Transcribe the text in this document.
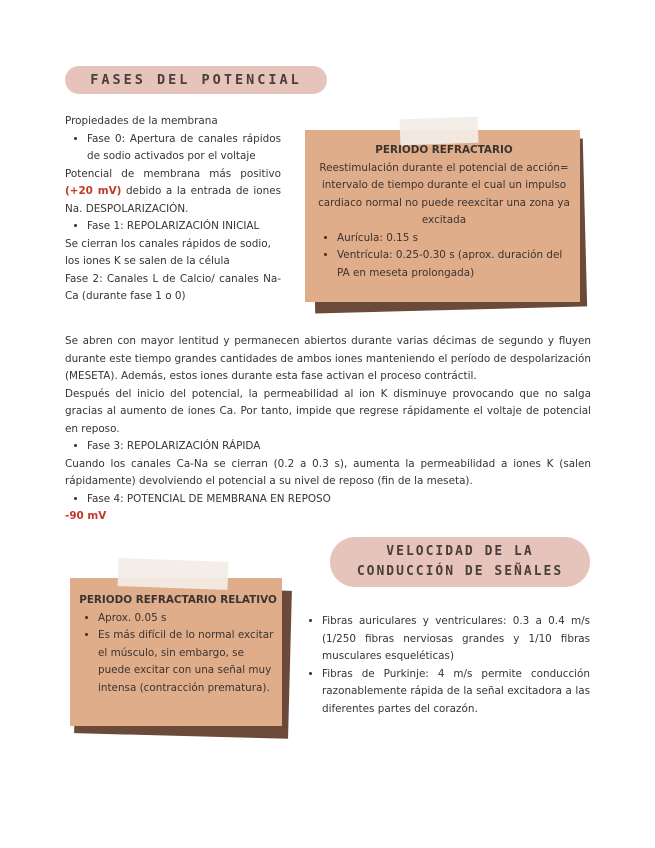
FASES DEL POTENCIAL
Propiedades de la membrana
• Fase 0: Apertura de canales rápidos de sodio activados por el voltaje
Potencial de membrana más positivo (+20 mV) debido a la entrada de iones Na. DESPOLARIZACIÓN.
• Fase 1: REPOLARIZACIÓN INICIAL
Se cierran los canales rápidos de sodio, los iones K se salen de la célula
Fase 2: Canales L de Calcio/ canales Na-Ca (durante fase 1 o 0)
PERIODO REFRACTARIO
Reestimulación durante el potencial de acción= intervalo de tiempo durante el cual un impulso cardiaco normal no puede reexcitar una zona ya excitada
• Aurícula: 0.15 s
• Ventrícula: 0.25-0.30 s (aprox. duración del PA en meseta prolongada)
Se abren con mayor lentitud y permanecen abiertos durante varias décimas de segundo y fluyen durante este tiempo grandes cantidades de ambos iones manteniendo el período de despolarización (MESETA). Además, estos iones durante esta fase activan el proceso contráctil.
Después del inicio del potencial, la permeabilidad al ion K disminuye provocando que no salga gracias al aumento de iones Ca. Por tanto, impide que regrese rápidamente el voltaje de potencial en reposo.
• Fase 3: REPOLARIZACIÓN RÁPIDA
Cuando los canales Ca-Na se cierran (0.2 a 0.3 s), aumenta la permeabilidad a iones K (salen rápidamente) devolviendo el potencial a su nivel de reposo (fin de la meseta).
• Fase 4: POTENCIAL DE MEMBRANA EN REPOSO
-90 mV
VELOCIDAD DE LA
CONDUCCIÓN DE SEÑALES
PERIODO REFRACTARIO RELATIVO
• Aprox. 0.05 s
• Es más difícil de lo normal excitar el músculo, sin embargo, se puede excitar con una señal muy intensa (contracción prematura).
• Fibras auriculares y ventriculares: 0.3 a 0.4 m/s (1/250 fibras nerviosas grandes y 1/10 fibras musculares esqueléticas)
• Fibras de Purkinje: 4 m/s permite conducción razonablemente rápida de la señal excitadora a las diferentes partes del corazón.
